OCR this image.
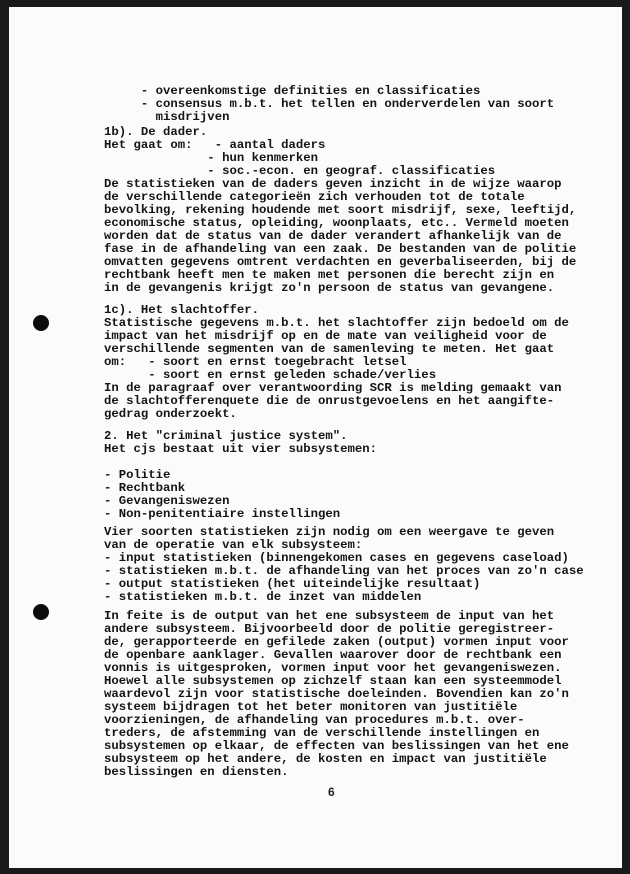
- overeenkomstige definities en classificaties
- consensus m.b.t. het tellen en onderverdelen van soort
misdrijven
1b). De dader.
Het gaat om:   - aantal daders
- hun kenmerken
- soc.-econ. en geograf. classificaties
De statistieken van de daders geven inzicht in de wijze waarop
de verschillende categorieën zich verhouden tot de totale
bevolking, rekening houdende met soort misdrijf, sexe, leeftijd,
economische status, opleiding, woonplaats, etc.. Vermeld moeten
worden dat de status van de dader verandert afhankelijk van de
fase in de afhandeling van een zaak. De bestanden van de politie
omvatten gegevens omtrent verdachten en geverbaliseerden, bij de
rechtbank heeft men te maken met personen die berecht zijn en
in de gevangenis krijgt zo'n persoon de status van gevangene.
1c). Het slachtoffer.
Statistische gegevens m.b.t. het slachtoffer zijn bedoeld om de
impact van het misdrijf op en de mate van veiligheid voor de
verschillende segmenten van de samenleving te meten. Het gaat
om:   - soort en ernst toegebracht letsel
- soort en ernst geleden schade/verlies
In de paragraaf over verantwoording SCR is melding gemaakt van
de slachtofferenquete die de onrustgevoelens en het aangifte-
gedrag onderzoekt.
2. Het "criminal justice system".
Het cjs bestaat uit vier subsystemen:
- Politie
- Rechtbank
- Gevangeniswezen
- Non-penitentiaire instellingen
Vier soorten statistieken zijn nodig om een weergave te geven
van de operatie van elk subsysteem:
- input statistieken (binnengekomen cases en gegevens caseload)
- statistieken m.b.t. de afhandeling van het proces van zo'n case
- output statistieken (het uiteindelijke resultaat)
- statistieken m.b.t. de inzet van middelen
In feite is de output van het ene subsysteem de input van het
andere subsysteem. Bijvoorbeeld door de politie geregistreer-
de, gerapporteerde en gefilede zaken (output) vormen input voor
de openbare aanklager. Gevallen waarover door de rechtbank een
vonnis is uitgesproken, vormen input voor het gevangeniswezen.
Hoewel alle subsystemen op zichzelf staan kan een systeemmodel
waardevol zijn voor statistische doeleinden. Bovendien kan zo'n
systeem bijdragen tot het beter monitoren van justitiële
voorzieningen, de afhandeling van procedures m.b.t. over-
treders, de afstemming van de verschillende instellingen en
subsystemen op elkaar, de effecten van beslissingen van het ene
subsysteem op het andere, de kosten en impact van justitiële
beslissingen en diensten.
6
